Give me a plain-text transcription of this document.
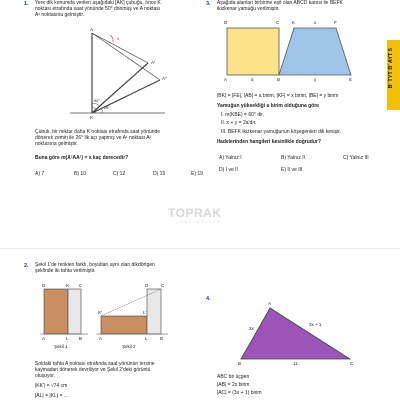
1. Yere dik konumda verilen aşağıdaki [AK] çubuğu, önce K
noktası etrafında saat yönünde 50° dönmüş ve A noktası
A¹ noktasına gelmiştir.
A
x
A'
A"
50°
26°
K
Çubuk, bir miktar daha K noktası etrafında saat yönünde
dönerek zemin ile 26° lik açı yapmış ve A¹ noktası A²
noktasına gelmiştir.
Buna göre m(A²AA¹) = x kaç derecedir?
A) 7	B) 10	C) 12	D) 15	E) 19
3. Aşağıda alanları birbirine eşit olan ABCD karesi ile BEFK
ikizkenar yamuğu verilmiştir.
D	C	K	x	F
A	a	B	y	E
|BK| = |FE|, |AB| = a birim, |KF| = x birim, |BE| = y birim
Yamuğun yüksekliği a birim olduğuna göre
I. m(KBE) = 60° dir.
II. x + y = 2a'dır.
III. BEFK ikizkenar yamuğunun köşegenleri dik kesişir.
ifadelerinden hangileri kesinlikle doğrudur?
A) Yalnız I	B) Yalnız II	C) Yalnız III
D) I ve II	E) II ve III
B' TYT B' AYT 5
TOPRAK
YAYINCILIK
2. Şekil 1'de renkleri farklı, boyutları aynı olan dikdörtgen
şeklinde iki tahta verilmiştir.
D	K C
A	L B
Şekil 1
D	C
K'	L'
A	L	B
Şekil 2
Soldaki tahta A noktası etrafında saat yönünün tersine
kaymadan dönerek devriliyor ve Şekil 2'deki görüntü
oluşuyor.
|KK'| = √74 cm
|AL| = |KL| = ...
4.
A
2x
3x + 1
B	11	C
ABC bir üçgen
|AB| = 2x birim
|AC| = (3x + 1) birim
